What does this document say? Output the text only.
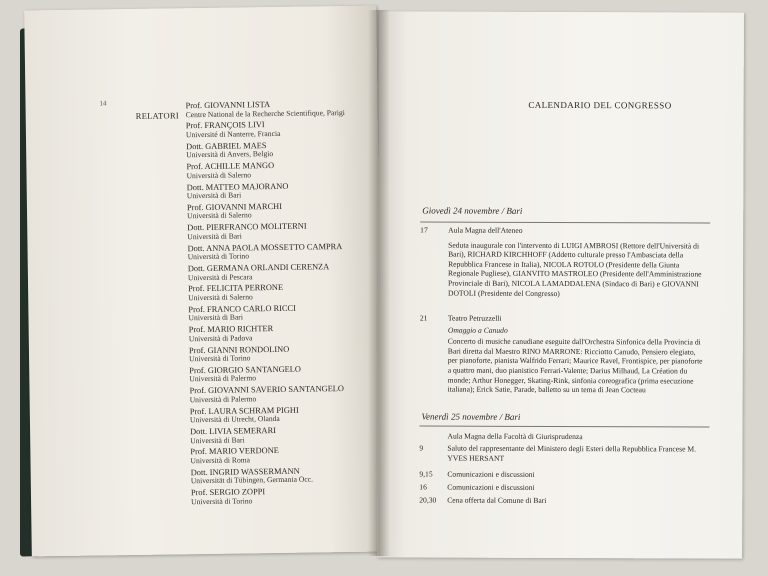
14
RELATORI
Prof. GIOVANNI LISTA
Centre National de la Recherche Scientifique, Parigi
Prof. FRANÇOIS LIVI
Université di Nanterre, Francia
Dott. GABRIEL MAES
Università di Anvers, Belgio
Prof. ACHILLE MANGO
Università di Salerno
Dott. MATTEO MAJORANO
Università di Bari
Prof. GIOVANNI MARCHI
Università di Salerno
Dott. PIERFRANCO MOLITERNI
Università di Bari
Dott. ANNA PAOLA MOSSETTO CAMPRA
Università di Torino
Dott. GERMANA ORLANDI CERENZA
Università di Pescara
Prof. FELICITA PERRONE
Università di Salerno
Prof. FRANCO CARLO RICCI
Università di Bari
Prof. MARIO RICHTER
Università di Padova
Prof. GIANNI RONDOLINO
Università di Torino
Prof. GIORGIO SANTANGELO
Università di Palermo
Prof. GIOVANNI SAVERIO SANTANGELO
Università di Palermo
Prof. LAURA SCHRAM PIGHI
Università di Utrecht, Olanda
Dott. LIVIA SEMERARI
Università di Bari
Prof. MARIO VERDONE
Università di Roma
Dott. INGRID WASSERMANN
Universität di Tübingen, Germania Occ.
Prof. SERGIO ZOPPI
Università di Torino
CALENDARIO DEL CONGRESSO
Giovedì 24 novembre / Bari
17	Aula Magna dell'Ateneo

Seduta inaugurale con l'intervento di LUIGI AMBROSI (Rettore dell'Università di Bari), RICHARD KIRCHHOFF (Addetto culturale presso l'Ambasciata della Repubblica Francese in Italia), NICOLA ROTOLO (Presidente della Giunta Regionale Pugliese), GIANVITO MASTROLEO (Presidente dell'Amministrazione Provinciale di Bari), NICOLA LAMADDALENA (Sindaco di Bari) e GIOVANNI DOTOLI (Presidente del Congresso)

21	Teatro Petruzzelli

Omaggio a Canudo

Concerto di musiche canudiane eseguite dall'Orchestra Sinfonica della Provincia di Bari diretta dal Maestro RINO MARRONE: Ricciotto Canudo, Pensiero elegiato, per pianoforte, pianista Walfrido Ferrari; Maurice Ravel, Frontispice, per pianoforte a quattro mani, duo pianistico Ferrari-Valente; Darius Milhaud, La Création du monde; Arthur Honegger, Skating-Rink, sinfonia coreografica (prima esecuzione italiana); Erick Satie, Parade, balletto su un tema di Jean Cocteau

Venerdì 25 novembre / Bari

Aula Magna della Facoltà di Giurisprudenza

9	Saluto del rappresentante del Ministero degli Esteri della Repubblica Francese M. YVES HERSANT

9,15	Comunicazioni e discussioni

16	Comunicazioni e discussioni

20,30	Cena offerta dal Comune di Bari
